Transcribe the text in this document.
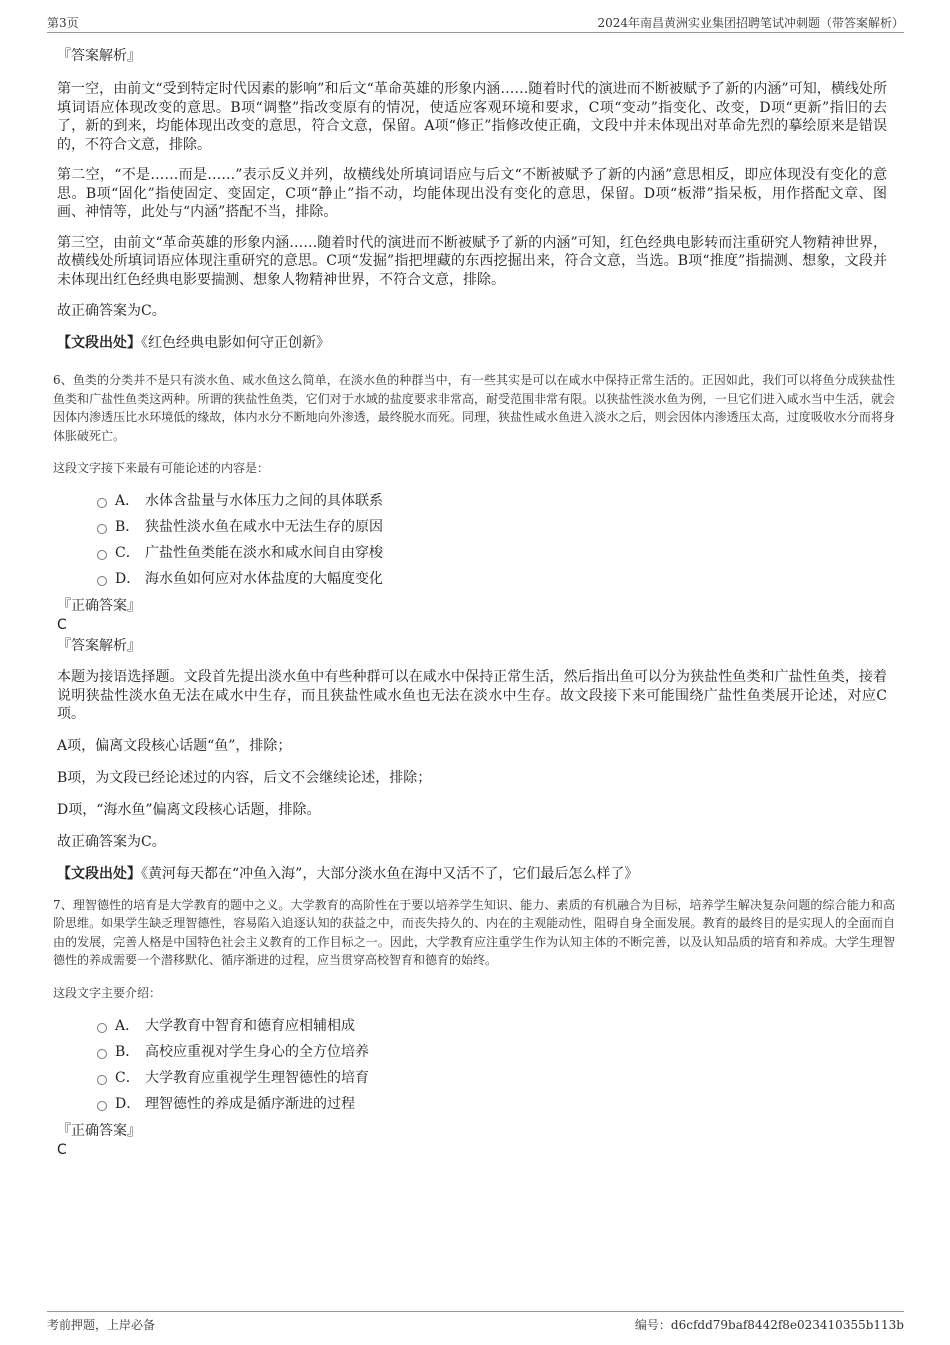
第3页	2024年南昌黄洲实业集团招聘笔试冲刺题（带答案解析）

『答案解析』

第一空，由前文“受到特定时代因素的影响”和后文“革命英雄的形象内涵……随着时代的演进而不断被赋予了新的内涵”可知，横线处所填词语应体现改变的意思。B项“调整”指改变原有的情况，使适应客观环境和要求，C项“变动”指变化、改变，D项“更新”指旧的去了，新的到来，均能体现出改变的意思，符合文意，保留。A项“修正”指修改使正确，文段中并未体现出对革命先烈的摹绘原来是错误的，不符合文意，排除。

第二空，“不是……而是……”表示反义并列，故横线处所填词语应与后文“不断被赋予了新的内涵”意思相反，即应体现没有变化的意思。B项“固化”指使固定、变固定，C项“静止”指不动，均能体现出没有变化的意思，保留。D项“板滞”指呆板，用作搭配文章、图画、神情等，此处与“内涵”搭配不当，排除。

第三空，由前文“革命英雄的形象内涵……随着时代的演进而不断被赋予了新的内涵”可知，红色经典电影转而注重研究人物精神世界，故横线处所填词语应体现注重研究的意思。C项“发掘”指把埋藏的东西挖掘出来，符合文意，当选。B项“推度”指揣测、想象，文段并未体现出红色经典电影要揣测、想象人物精神世界，不符合文意，排除。

故正确答案为C。

【文段出处】《红色经典电影如何守正创新》

6、鱼类的分类并不是只有淡水鱼、咸水鱼这么简单，在淡水鱼的种群当中，有一些其实是可以在咸水中保持正常生活的。正因如此，我们可以将鱼分成狭盐性鱼类和广盐性鱼类这两种。所谓的狭盐性鱼类，它们对于水域的盐度要求非常高，耐受范围非常有限。以狭盐性淡水鱼为例，一旦它们进入咸水当中生活，就会因体内渗透压比水环境低的缘故，体内水分不断地向外渗透，最终脱水而死。同理，狭盐性咸水鱼进入淡水之后，则会因体内渗透压太高，过度吸收水分而将身体胀破死亡。

这段文字接下来最有可能论述的内容是：

A． 水体含盐量与水体压力之间的具体联系
B． 狭盐性淡水鱼在咸水中无法生存的原因
C． 广盐性鱼类能在淡水和咸水间自由穿梭
D． 海水鱼如何应对水体盐度的大幅度变化

『正确答案』

C

『答案解析』

本题为接语选择题。文段首先提出淡水鱼中有些种群可以在咸水中保持正常生活，然后指出鱼可以分为狭盐性鱼类和广盐性鱼类，接着说明狭盐性淡水鱼无法在咸水中生存，而且狭盐性咸水鱼也无法在淡水中生存。故文段接下来可能围绕广盐性鱼类展开论述，对应C项。

A项，偏离文段核心话题“鱼”，排除；

B项，为文段已经论述过的内容，后文不会继续论述，排除；

D项，“海水鱼”偏离文段核心话题，排除。

故正确答案为C。

【文段出处】《黄河每天都在“冲鱼入海”，大部分淡水鱼在海中又活不了，它们最后怎么样了》

7、理智德性的培育是大学教育的题中之义。大学教育的高阶性在于要以培养学生知识、能力、素质的有机融合为目标，培养学生解决复杂问题的综合能力和高阶思维。如果学生缺乏理智德性，容易陷入追逐认知的获益之中，而丧失持久的、内在的主观能动性，阻碍自身全面发展。教育的最终目的是实现人的全面而自由的发展，完善人格是中国特色社会主义教育的工作目标之一。因此，大学教育应注重学生作为认知主体的不断完善，以及认知品质的培育和养成。大学生理智德性的养成需要一个潜移默化、循序渐进的过程，应当贯穿高校智育和德育的始终。

这段文字主要介绍：

A． 大学教育中智育和德育应相辅相成
B． 高校应重视对学生身心的全方位培养
C． 大学教育应重视学生理智德性的培育
D． 理智德性的养成是循序渐进的过程

『正确答案』

C

考前押题，上岸必备	编号：d6cfdd79baf8442f8e023410355b113b
